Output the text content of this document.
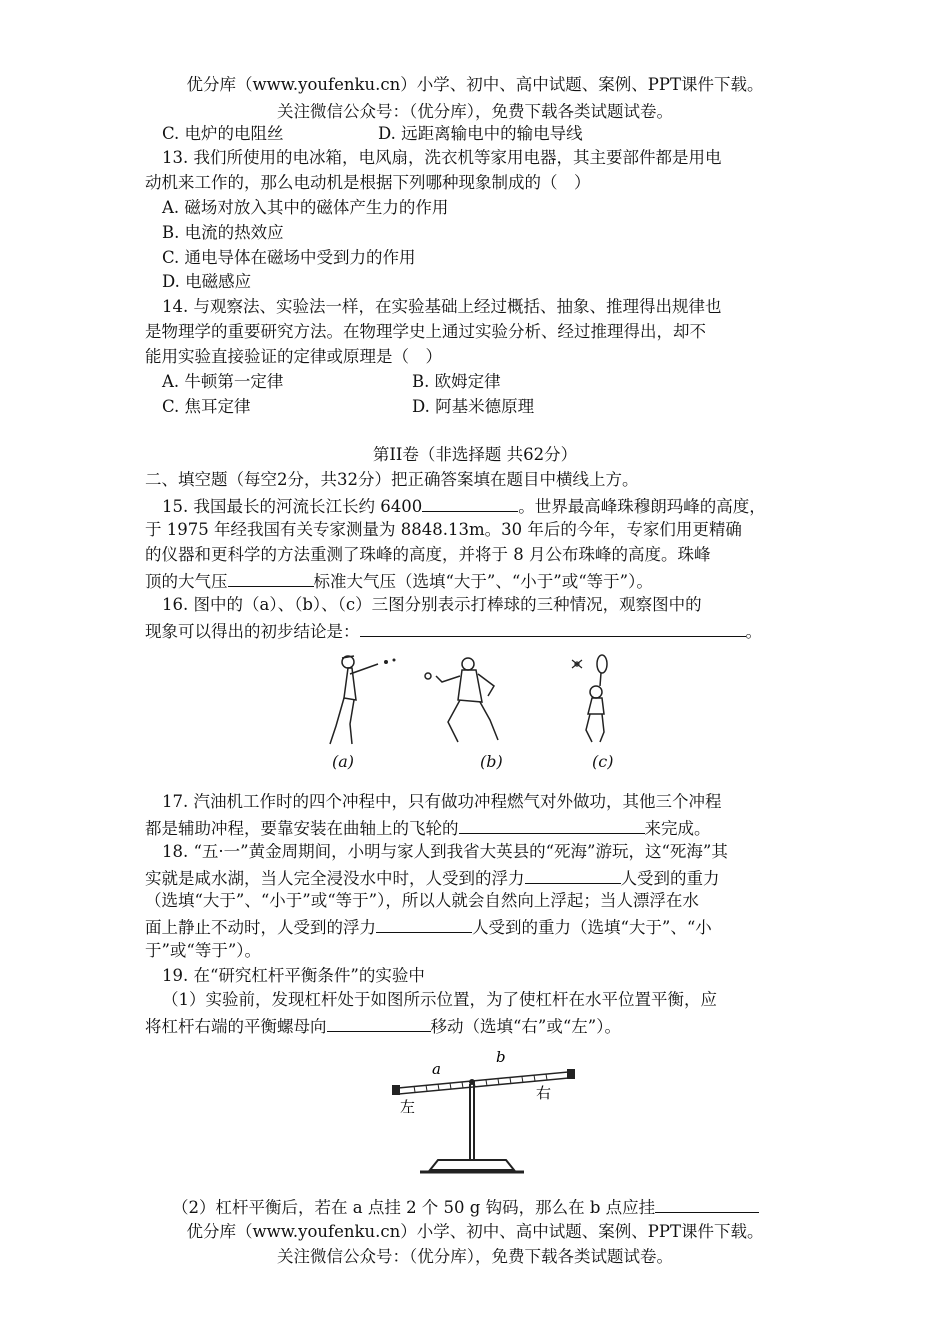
优分库（www.youfenku.cn）小学、初中、高中试题、案例、PPT课件下载。
关注微信公众号：（优分库），免费下载各类试题试卷。
C. 电炉的电阻丝	D. 远距离输电中的输电导线
13. 我们所使用的电冰箱，电风扇，洗衣机等家用电器，其主要部件都是用电
动机来工作的，那么电动机是根据下列哪种现象制成的（　）
A. 磁场对放入其中的磁体产生力的作用
B. 电流的热效应
C. 通电导体在磁场中受到力的作用
D. 电磁感应
14. 与观察法、实验法一样，在实验基础上经过概括、抽象、推理得出规律也
是物理学的重要研究方法。在物理学史上通过实验分析、经过推理得出，却不
能用实验直接验证的定律或原理是（　）
A. 牛顿第一定律	B. 欧姆定律
C. 焦耳定律	D. 阿基米德原理
第II卷（非选择题 共62分）
二、填空题（每空2分，共32分）把正确答案填在题目中横线上方。
15. 我国最长的河流长江长约 6400	。世界最高峰珠穆朗玛峰的高度，
于 1975 年经我国有关专家测量为 8848.13m。30 年后的今年，专家们用更精确
的仪器和更科学的方法重测了珠峰的高度，并将于 8 月公布珠峰的高度。珠峰
顶的大气压	标准大气压（选填“大于”、“小于”或“等于”）。
16. 图中的（a）、（b）、（c）三图分别表示打棒球的三种情况，观察图中的
现象可以得出的初步结论是：	。
(a)	(b)	(c)
17. 汽油机工作时的四个冲程中，只有做功冲程燃气对外做功，其他三个冲程
都是辅助冲程，要靠安装在曲轴上的飞轮的	来完成。
18. “五·一”黄金周期间，小明与家人到我省大英县的“死海”游玩，这“死海”其
实就是咸水湖，当人完全浸没水中时，人受到的浮力	人受到的重力
（选填“大于”、“小于”或“等于”），所以人就会自然向上浮起；当人漂浮在水
面上静止不动时，人受到的浮力	人受到的重力（选填“大于”、“小
于”或“等于”）。
19. 在“研究杠杆平衡条件”的实验中
（1）实验前，发现杠杆处于如图所示位置，为了使杠杆在水平位置平衡，应
将杠杆右端的平衡螺母向	移动（选填“右”或“左”）。
a
b
左
右
（2）杠杆平衡后，若在 a 点挂 2 个 50 g 钩码，那么在 b 点应挂
优分库（www.youfenku.cn）小学、初中、高中试题、案例、PPT课件下载。
关注微信公众号：（优分库），免费下载各类试题试卷。
